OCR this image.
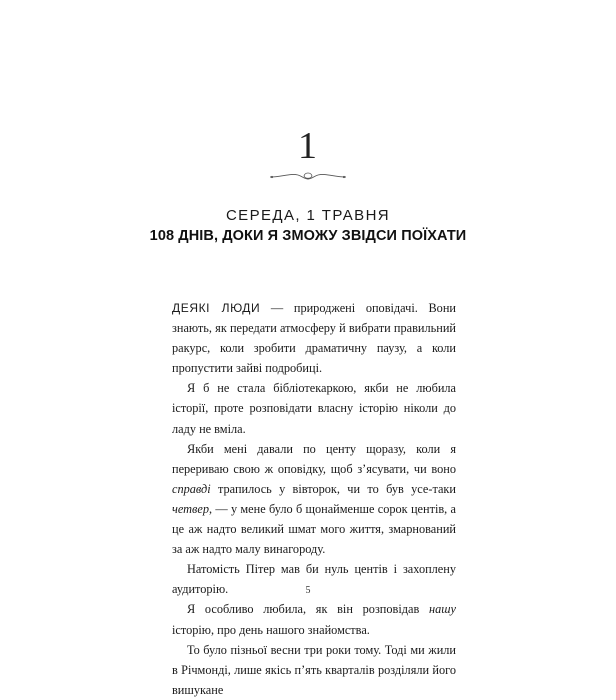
1
СЕРЕДА, 1 ТРАВНЯ
108 ДНІВ, ДОКИ Я ЗМОЖУ ЗВІДСИ ПОЇХАТИ

ДЕЯКІ ЛЮДИ — природжені оповідачі. Вони знають, як передати атмосферу й вибрати правильний ракурс, коли зробити драматичну паузу, а коли пропустити зайві подробиці.

Я б не стала бібліотекаркою, якби не любила історії, проте розповідати власну історію ніколи до ладу не вміла.

Якби мені давали по центу щоразу, коли я перериваю свою ж оповідку, щоб з’ясувати, чи воно справді трапилось у вівторок, чи то був усе-таки четвер, — у мене було б щонайменше сорок центів, а це аж надто великий шмат мого життя, змарнований за аж надто малу винагороду.

Натомість Пітер мав би нуль центів і захоплену аудиторію.

Я особливо любила, як він розповідав нашу історію, про день нашого знайомства.

То було пізньої весни три роки тому. Тоді ми жили в Річмонді, лише якісь п’ять кварталів розділяли його вишукане

5
